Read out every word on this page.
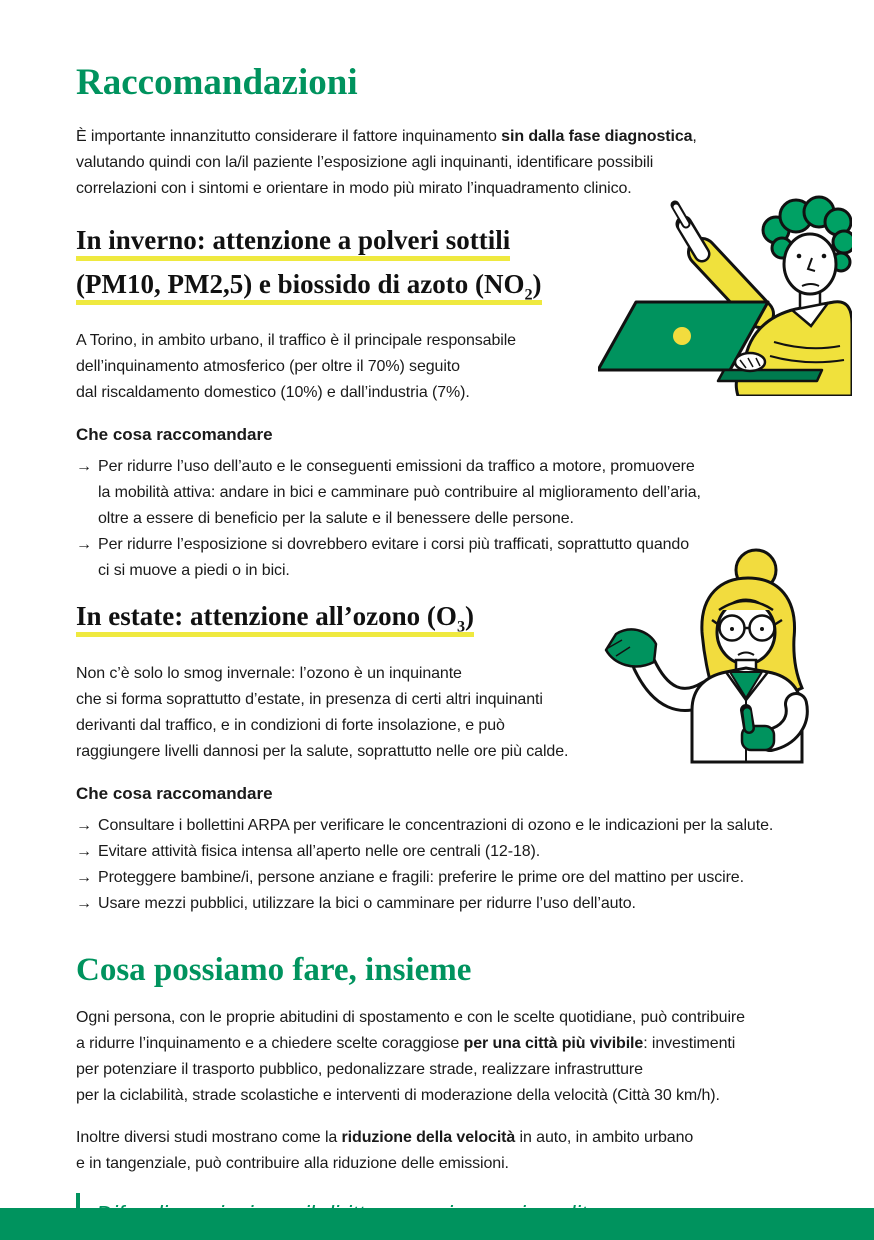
Raccomandazioni

È importante innanzitutto considerare il fattore inquinamento sin dalla fase diagnostica,
valutando quindi con la/il paziente l’esposizione agli inquinanti, identificare possibili
correlazioni con i sintomi e orientare in modo più mirato l’inquadramento clinico.

In inverno: attenzione a polveri sottili
(PM10, PM2,5) e biossido di azoto $(NO_2)$

A Torino, in ambito urbano, il traffico è il principale responsabile
dell’inquinamento atmosferico (per oltre il 70%) seguito
dal riscaldamento domestico (10%) e dall’industria (7%).

Che cosa raccomandare
→ Per ridurre l’uso dell’auto e le conseguenti emissioni da traffico a motore, promuovere
la mobilità attiva: andare in bici e camminare può contribuire al miglioramento dell’aria,
oltre a essere di beneficio per la salute e il benessere delle persone.
→ Per ridurre l’esposizione si dovrebbero evitare i corsi più trafficati, soprattutto quando
ci si muove a piedi o in bici.
In estate: attenzione all’ozono $(O_3)$

Non c’è solo lo smog invernale: l’ozono è un inquinante
che si forma soprattutto d’estate, in presenza di certi altri inquinanti
derivanti dal traffico, e in condizioni di forte insolazione, e può
raggiungere livelli dannosi per la salute, soprattutto nelle ore più calde.

Che cosa raccomandare
→ Consultare i bollettini ARPA per verificare le concentrazioni di ozono e le indicazioni per la salute.
→ Evitare attività fisica intensa all’aperto nelle ore centrali (12-18).
→ Proteggere bambine/i, persone anziane e fragili: preferire le prime ore del mattino per uscire.
→ Usare mezzi pubblici, utilizzare la bici o camminare per ridurre l’uso dell’auto.
Cosa possiamo fare, insieme

Ogni persona, con le proprie abitudini di spostamento e con le scelte quotidiane, può contribuire
a ridurre l’inquinamento e a chiedere scelte coraggiose per una città più vivibile: investimenti
per potenziare il trasporto pubblico, pedonalizzare strade, realizzare infrastrutture
per la ciclabilità, strade scolastiche e interventi di moderazione della velocità (Città 30 km/h).

Inoltre diversi studi mostrano come la riduzione della velocità in auto, in ambito urbano
e in tangenziale, può contribuire alla riduzione delle emissioni.
